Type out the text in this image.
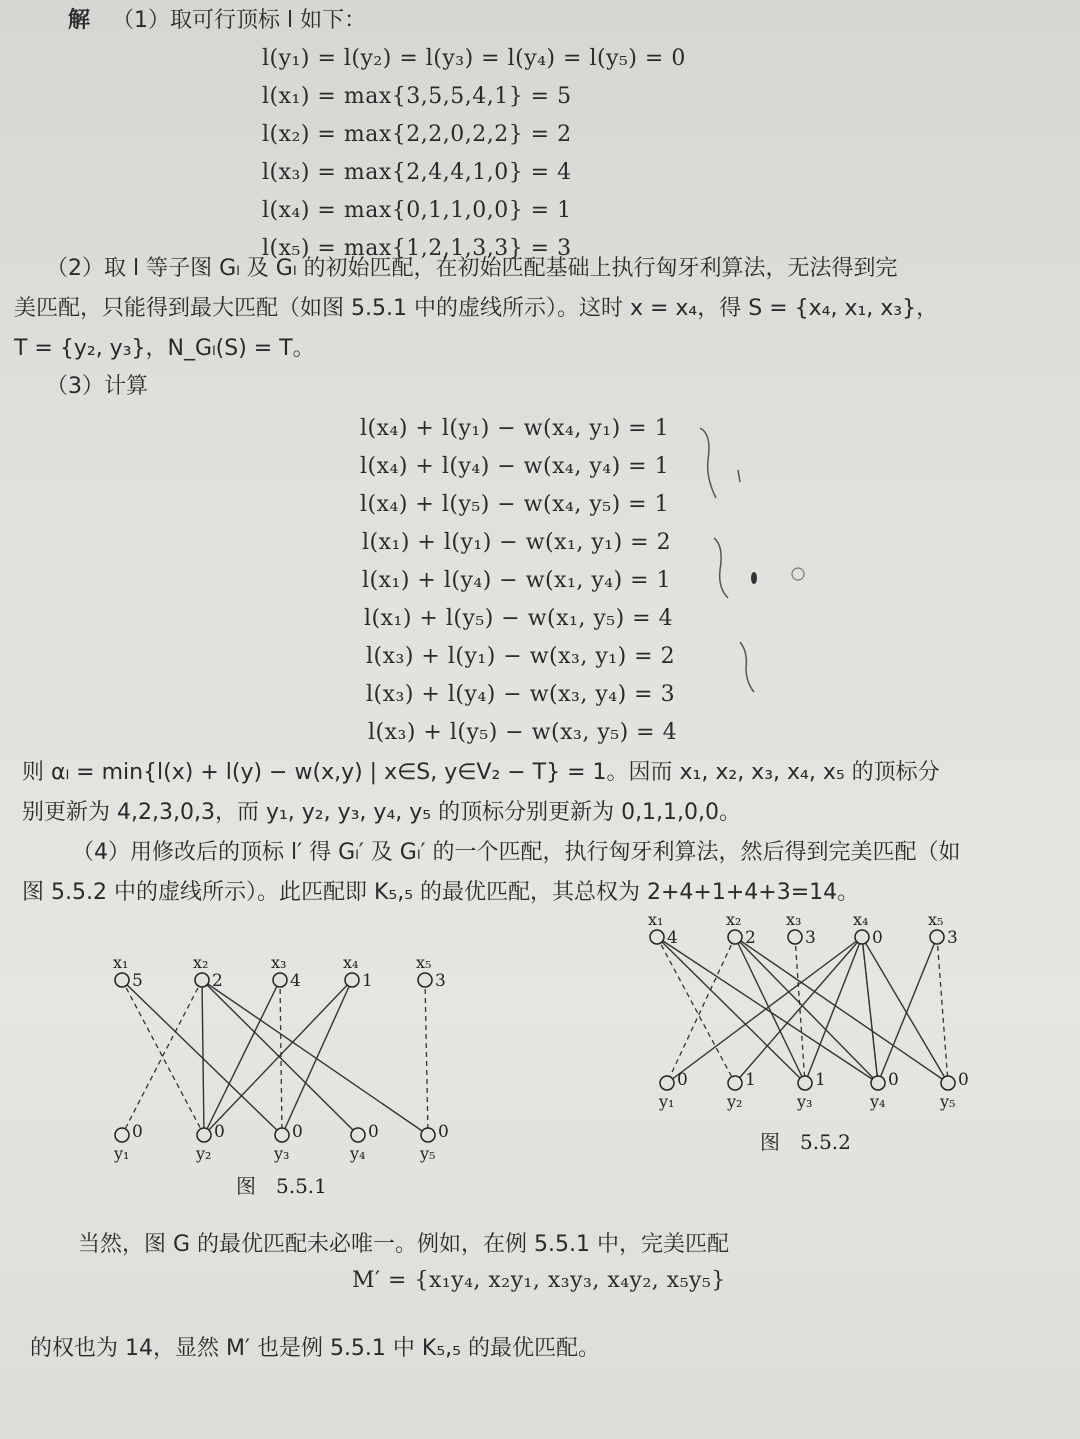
解 （1）取可行顶标 l 如下：
l(y₁) = l(y₂) = l(y₃) = l(y₄) = l(y₅) = 0
l(x₁) = max{3,5,5,4,1} = 5
l(x₂) = max{2,2,0,2,2} = 2
l(x₃) = max{2,4,4,1,0} = 4
l(x₄) = max{0,1,1,0,0} = 1
l(x₅) = max{1,2,1,3,3} = 3
（2）取 l 等子图 Gₗ 及 Gₗ 的初始匹配，在初始匹配基础上执行匈牙利算法，无法得到完
美匹配，只能得到最大匹配（如图 5.5.1 中的虚线所示）。这时 x = x₄，得 S = {x₄, x₁, x₃}，
T = {y₂, y₃}，N_Gₗ(S) = T。
（3）计算
l(x₄) + l(y₁) − w(x₄, y₁) = 1
l(x₄) + l(y₄) − w(x₄, y₄) = 1
l(x₄) + l(y₅) − w(x₄, y₅) = 1
l(x₁) + l(y₁) − w(x₁, y₁) = 2
l(x₁) + l(y₄) − w(x₁, y₄) = 1
l(x₁) + l(y₅) − w(x₁, y₅) = 4
l(x₃) + l(y₁) − w(x₃, y₁) = 2
l(x₃) + l(y₄) − w(x₃, y₄) = 3
l(x₃) + l(y₅) − w(x₃, y₅) = 4
则 αₗ = min{l(x) + l(y) − w(x,y) | x∈S, y∈V₂ − T} = 1。因而 x₁, x₂, x₃, x₄, x₅ 的顶标分
别更新为 4,2,3,0,3，而 y₁, y₂, y₃, y₄, y₅ 的顶标分别更新为 0,1,1,0,0。
（4）用修改后的顶标 l′ 得 Gₗ′ 及 Gₗ′ 的一个匹配，执行匈牙利算法，然后得到完美匹配（如
图 5.5.2 中的虚线所示）。此匹配即 K₅,₅ 的最优匹配，其总权为 2+4+1+4+3=14。
x₁
5
x₂
2
x₃
4
x₄
1
x₅
3
y₁
0
y₂
0
y₃
0
y₄
0
y₅
0
图　5.5.1
x₁
4
x₂
2
x₃
3
x₄
0
x₅
3
y₁
0
y₂
1
y₃
1
y₄
0
y₅
0
图　5.5.2
当然，图 G 的最优匹配未必唯一。例如，在例 5.5.1 中，完美匹配
M′ = {x₁y₄, x₂y₁, x₃y₃, x₄y₂, x₅y₅}
的权也为 14，显然 M′ 也是例 5.5.1 中 K₅,₅ 的最优匹配。
